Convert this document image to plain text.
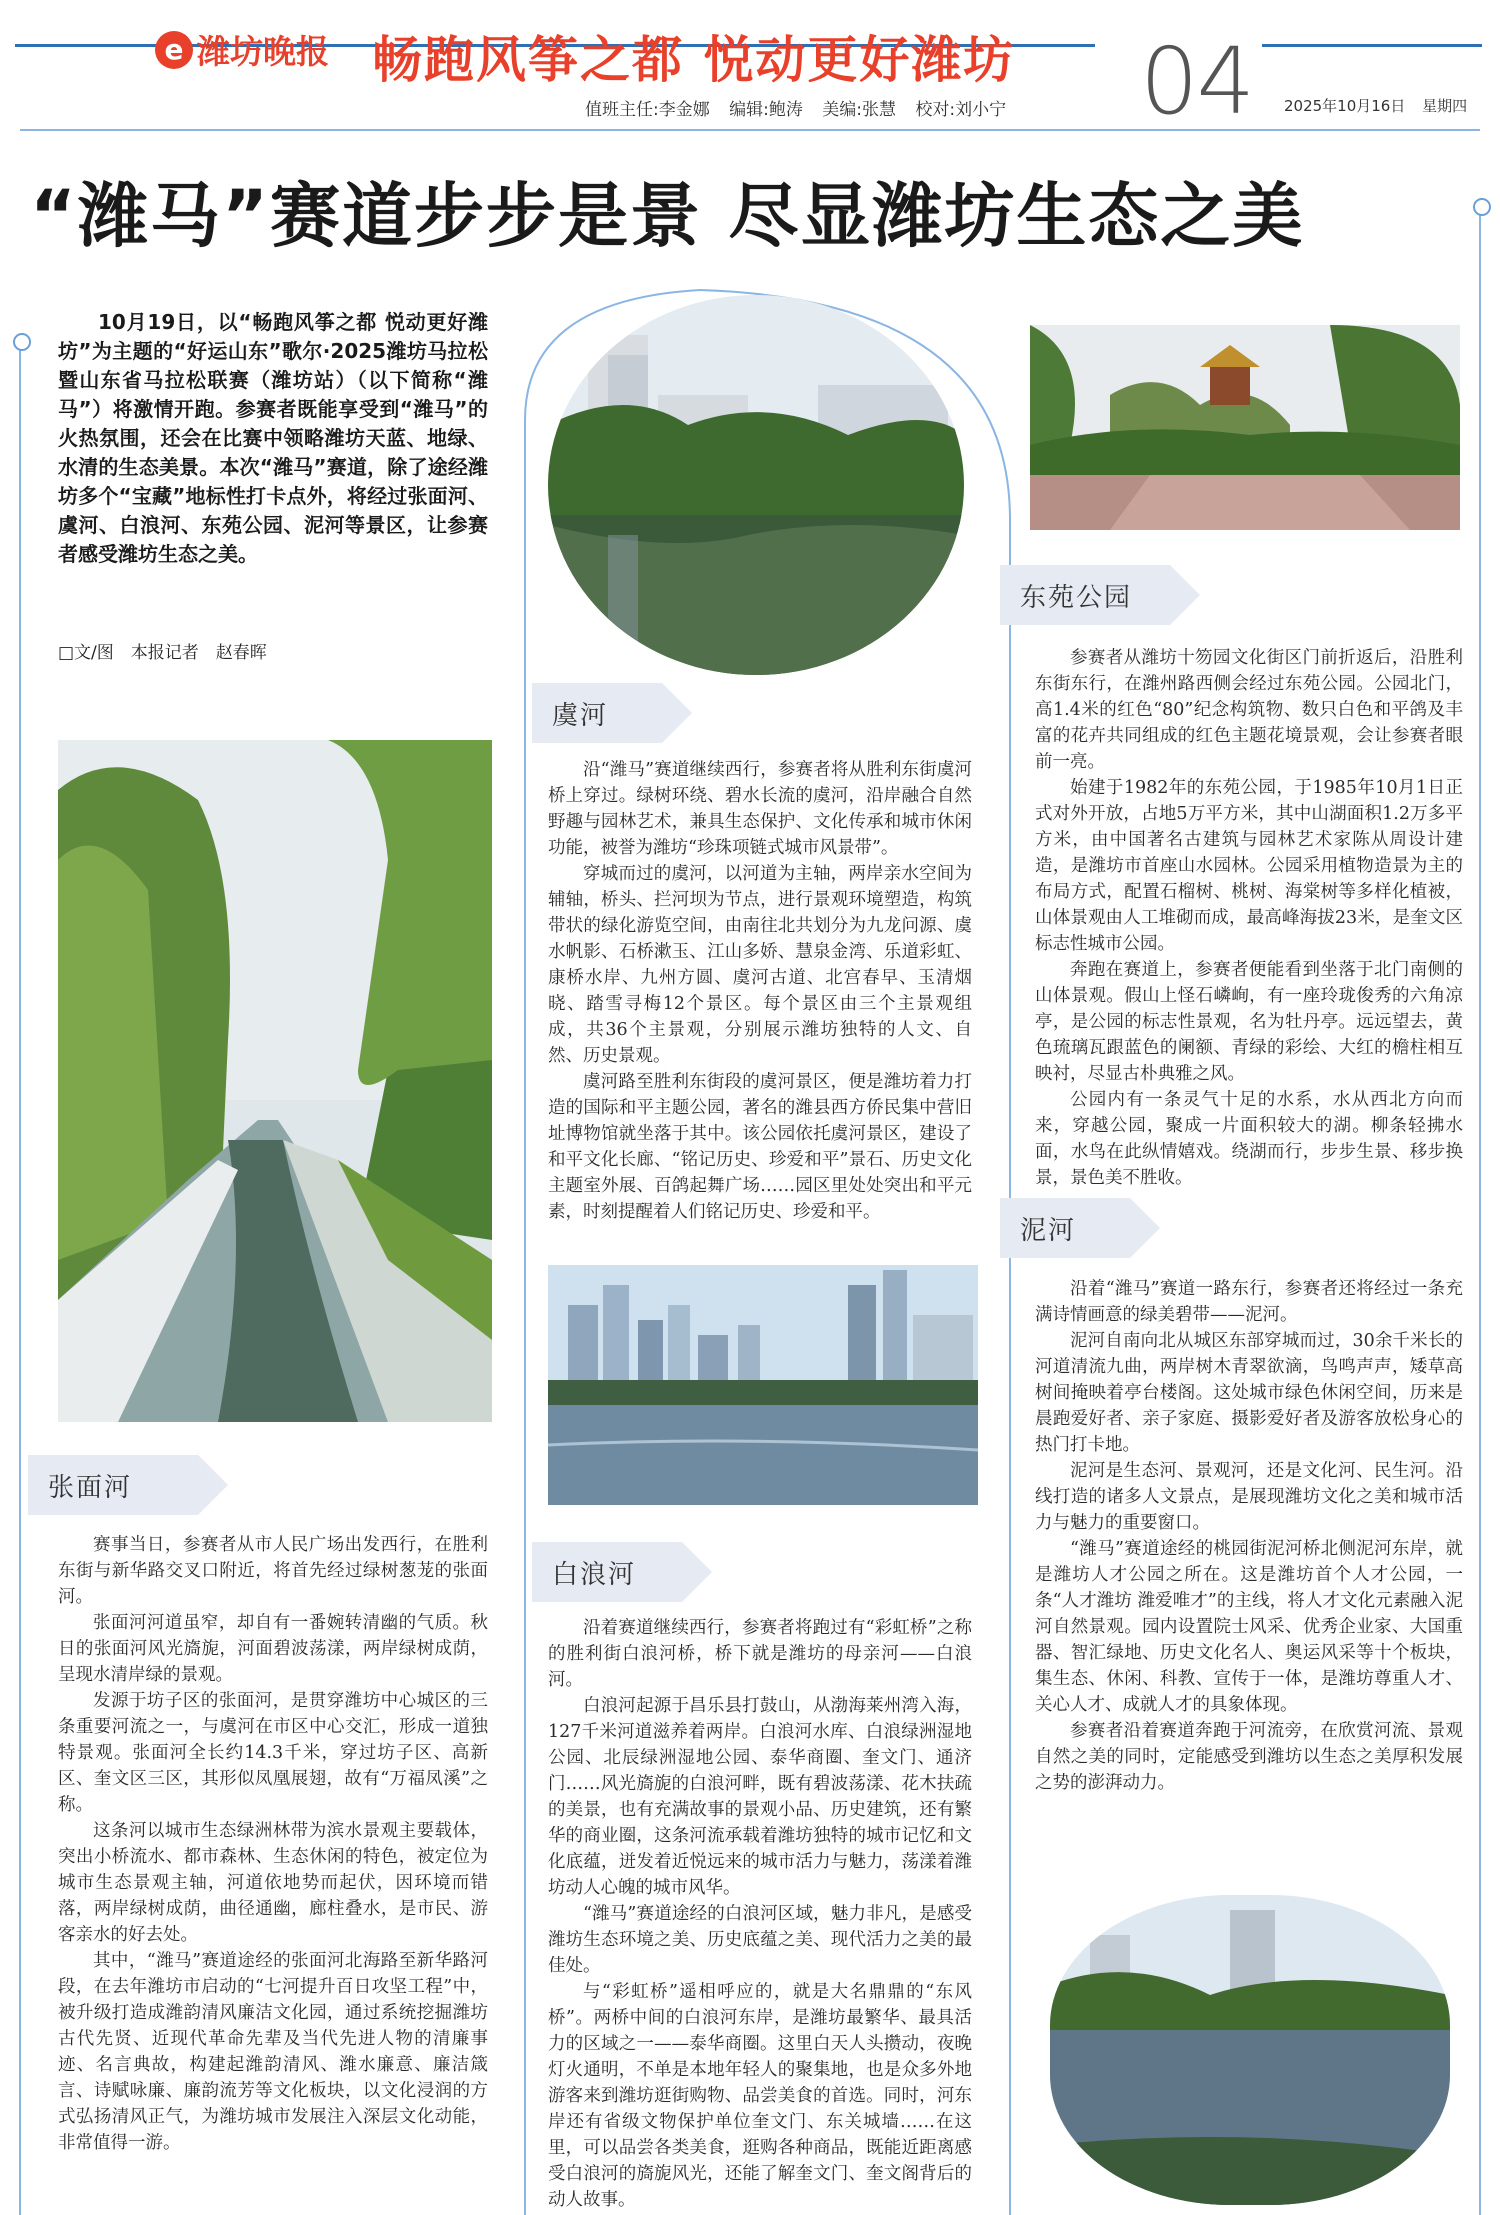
e 潍坊晚报 畅跑风筝之都 悦动更好潍坊 04
值班主任:李金娜 编辑:鲍涛 美编:张慧 校对:刘小宁	2025年10月16日 星期四
“潍马”赛道步步是景 尽显潍坊生态之美
10月19日，以“畅跑风筝之都 悦动更好潍坊”为主题的“好运山东”歌尔·2025潍坊马拉松暨山东省马拉松联赛（潍坊站）（以下简称“潍马”）将激情开跑。参赛者既能享受到“潍马”的火热氛围，还会在比赛中领略潍坊天蓝、地绿、水清的生态美景。本次“潍马”赛道，除了途经潍坊多个“宝藏”地标性打卡点外，将经过张面河、虞河、白浪河、东苑公园、泥河等景区，让参赛者感受潍坊生态之美。
□文/图　本报记者　赵春晖
张面河
虞河
白浪河
东苑公园
泥河

赛事当日，参赛者从市人民广场出发西行，在胜利东街与新华路交叉口附近，将首先经过绿树葱茏的张面河。

张面河河道虽窄，却自有一番婉转清幽的气质。秋日的张面河风光旖旎，河面碧波荡漾，两岸绿树成荫，呈现水清岸绿的景观。

发源于坊子区的张面河，是贯穿潍坊中心城区的三条重要河流之一，与虞河在市区中心交汇，形成一道独特景观。张面河全长约14.3千米，穿过坊子区、高新区、奎文区三区，其形似凤凰展翅，故有“万福凤溪”之称。

这条河以城市生态绿洲林带为滨水景观主要载体，突出小桥流水、都市森林、生态休闲的特色，被定位为城市生态景观主轴，河道依地势而起伏，因环境而错落，两岸绿树成荫，曲径通幽，廊柱叠水，是市民、游客亲水的好去处。

其中，“潍马”赛道途经的张面河北海路至新华路河段，在去年潍坊市启动的“七河提升百日攻坚工程”中，被升级打造成潍韵清风廉洁文化园，通过系统挖掘潍坊古代先贤、近现代革命先辈及当代先进人物的清廉事迹、名言典故，构建起潍韵清风、潍水廉意、廉洁箴言、诗赋咏廉、廉韵流芳等文化板块，以文化浸润的方式弘扬清风正气，为潍坊城市发展注入深层文化动能，非常值得一游。

沿“潍马”赛道继续西行，参赛者将从胜利东街虞河桥上穿过。绿树环绕、碧水长流的虞河，沿岸融合自然野趣与园林艺术，兼具生态保护、文化传承和城市休闲功能，被誉为潍坊“珍珠项链式城市风景带”。

穿城而过的虞河，以河道为主轴，两岸亲水空间为辅轴，桥头、拦河坝为节点，进行景观环境塑造，构筑带状的绿化游览空间，由南往北共划分为九龙问源、虞水帆影、石桥漱玉、江山多娇、慧泉金湾、乐道彩虹、康桥水岸、九州方圆、虞河古道、北宫春早、玉清烟晓、踏雪寻梅12个景区。每个景区由三个主景观组成，共36个主景观，分别展示潍坊独特的人文、自然、历史景观。

虞河路至胜利东街段的虞河景区，便是潍坊着力打造的国际和平主题公园，著名的潍县西方侨民集中营旧址博物馆就坐落于其中。该公园依托虞河景区，建设了和平文化长廊、“铭记历史、珍爱和平”景石、历史文化主题室外展、百鸽起舞广场……园区里处处突出和平元素，时刻提醒着人们铭记历史、珍爱和平。

沿着赛道继续西行，参赛者将跑过有“彩虹桥”之称的胜利街白浪河桥，桥下就是潍坊的母亲河——白浪河。

白浪河起源于昌乐县打鼓山，从渤海莱州湾入海，127千米河道滋养着两岸。白浪河水库、白浪绿洲湿地公园、北辰绿洲湿地公园、泰华商圈、奎文门、通济门……风光旖旎的白浪河畔，既有碧波荡漾、花木扶疏的美景，也有充满故事的景观小品、历史建筑，还有繁华的商业圈，这条河流承载着潍坊独特的城市记忆和文化底蕴，迸发着近悦远来的城市活力与魅力，荡漾着潍坊动人心魄的城市风华。

“潍马”赛道途经的白浪河区域，魅力非凡，是感受潍坊生态环境之美、历史底蕴之美、现代活力之美的最佳处。

与“彩虹桥”遥相呼应的，就是大名鼎鼎的“东风桥”。两桥中间的白浪河东岸，是潍坊最繁华、最具活力的区域之一——泰华商圈。这里白天人头攒动，夜晚灯火通明，不单是本地年轻人的聚集地，也是众多外地游客来到潍坊逛街购物、品尝美食的首选。同时，河东岸还有省级文物保护单位奎文门、东关城墙……在这里，可以品尝各类美食，逛购各种商品，既能近距离感受白浪河的旖旎风光，还能了解奎文门、奎文阁背后的动人故事。

参赛者从潍坊十笏园文化街区门前折返后，沿胜利东街东行，在潍州路西侧会经过东苑公园。公园北门，高1.4米的红色“80”纪念构筑物、数只白色和平鸽及丰富的花卉共同组成的红色主题花境景观，会让参赛者眼前一亮。

始建于1982年的东苑公园，于1985年10月1日正式对外开放，占地5万平方米，其中山湖面积1.2万多平方米，由中国著名古建筑与园林艺术家陈从周设计建造，是潍坊市首座山水园林。公园采用植物造景为主的布局方式，配置石榴树、桃树、海棠树等多样化植被，山体景观由人工堆砌而成，最高峰海拔23米，是奎文区标志性城市公园。

奔跑在赛道上，参赛者便能看到坐落于北门南侧的山体景观。假山上怪石嶙峋，有一座玲珑俊秀的六角凉亭，是公园的标志性景观，名为牡丹亭。远远望去，黄色琉璃瓦跟蓝色的阑额、青绿的彩绘、大红的檐柱相互映衬，尽显古朴典雅之风。

公园内有一条灵气十足的水系，水从西北方向而来，穿越公园，聚成一片面积较大的湖。柳条轻拂水面，水鸟在此纵情嬉戏。绕湖而行，步步生景、移步换景，景色美不胜收。

沿着“潍马”赛道一路东行，参赛者还将经过一条充满诗情画意的绿美碧带——泥河。

泥河自南向北从城区东部穿城而过，30余千米长的河道清流九曲，两岸树木青翠欲滴，鸟鸣声声，矮草高树间掩映着亭台楼阁。这处城市绿色休闲空间，历来是晨跑爱好者、亲子家庭、摄影爱好者及游客放松身心的热门打卡地。

泥河是生态河、景观河，还是文化河、民生河。沿线打造的诸多人文景点，是展现潍坊文化之美和城市活力与魅力的重要窗口。

“潍马”赛道途经的桃园街泥河桥北侧泥河东岸，就是潍坊人才公园之所在。这是潍坊首个人才公园，一条“人才潍坊 潍爱唯才”的主线，将人才文化元素融入泥河自然景观。园内设置院士风采、优秀企业家、大国重器、智汇绿地、历史文化名人、奥运风采等十个板块，集生态、休闲、科教、宣传于一体，是潍坊尊重人才、关心人才、成就人才的具象体现。

参赛者沿着赛道奔跑于河流旁，在欣赏河流、景观自然之美的同时，定能感受到潍坊以生态之美厚积发展之势的澎湃动力。
